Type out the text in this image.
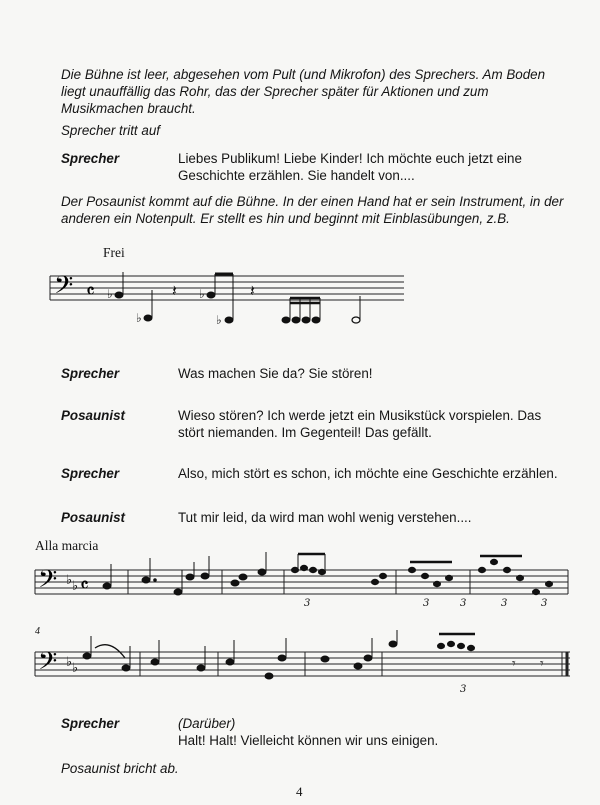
Die Bühne ist leer, abgesehen vom Pult (und Mikrofon) des Sprechers. Am Boden
liegt unauffällig das Rohr, das der Sprecher später für Aktionen und zum
Musikmachen braucht.
Sprecher tritt auf
Sprecher	Liebes Publikum! Liebe Kinder! Ich möchte euch jetzt eine
Geschichte erzählen. Sie handelt von....
Der Posaunist kommt auf die Bühne. In der einen Hand hat er sein Instrument, in der
anderen ein Notenpult. Er stellt es hin und beginnt mit Einblasübungen, z.B.
Frei
𝄢 𝄴 ♭
♭
𝄽 ♭
♭
𝄽
Sprecher	Was machen Sie da? Sie stören!
Posaunist	Wieso stören? Ich werde jetzt ein Musikstück vorspielen. Das
stört niemanden. Im Gegenteil! Das gefällt.
Sprecher	Also, mich stört es schon, ich möchte eine Geschichte erzählen.
Posaunist	Tut mir leid, da wird man wohl wenig verstehen....
Alla marcia
𝄢 ♭ ♭ 𝄴
3	3	3	3	3
4
𝄢 ♭ ♭	𝄾 𝄾
3
Sprecher	(Darüber)
Halt! Halt! Vielleicht können wir uns einigen.
Posaunist bricht ab.
4
